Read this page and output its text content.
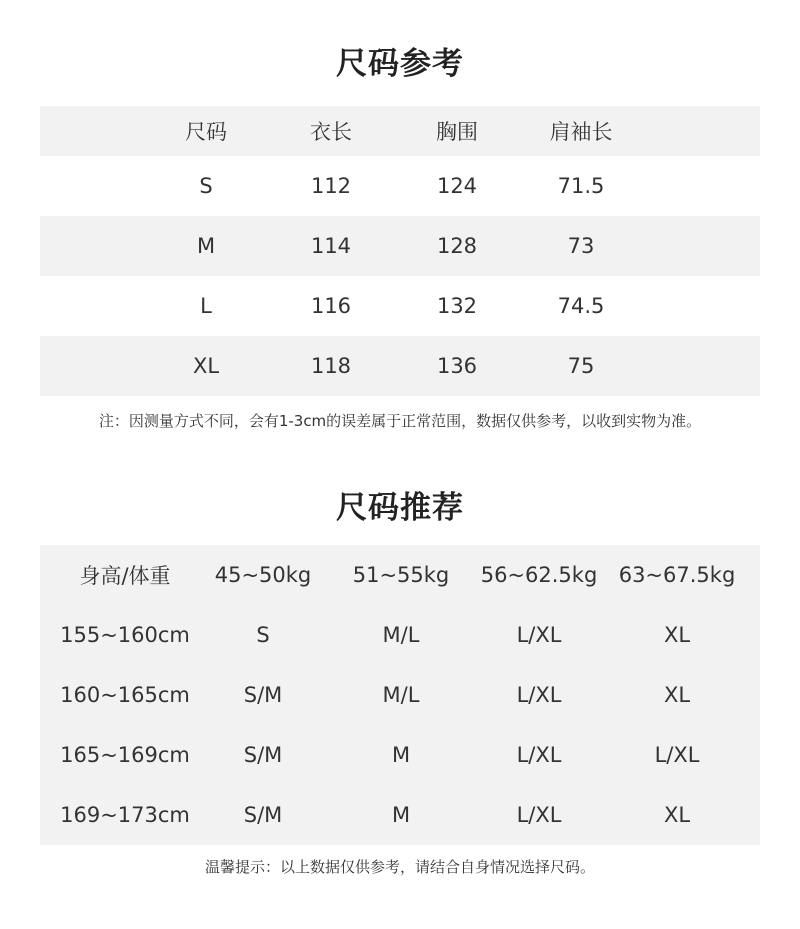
尺码参考
尺码	衣长	胸围	肩袖长
S	112	124	71.5
M	114	128	73
L	116	132	74.5
XL	118	136	75
注：因测量方式不同，会有1-3cm的误差属于正常范围，数据仅供参考，以收到实物为准。
尺码推荐
身高/体重	45~50kg	51~55kg	56~62.5kg	63~67.5kg
155~160cm	S	M/L	L/XL	XL
160~165cm	S/M	M/L	L/XL	XL
165~169cm	S/M	M	L/XL	L/XL
169~173cm	S/M	M	L/XL	XL
温馨提示：以上数据仅供参考，请结合自身情况选择尺码。
